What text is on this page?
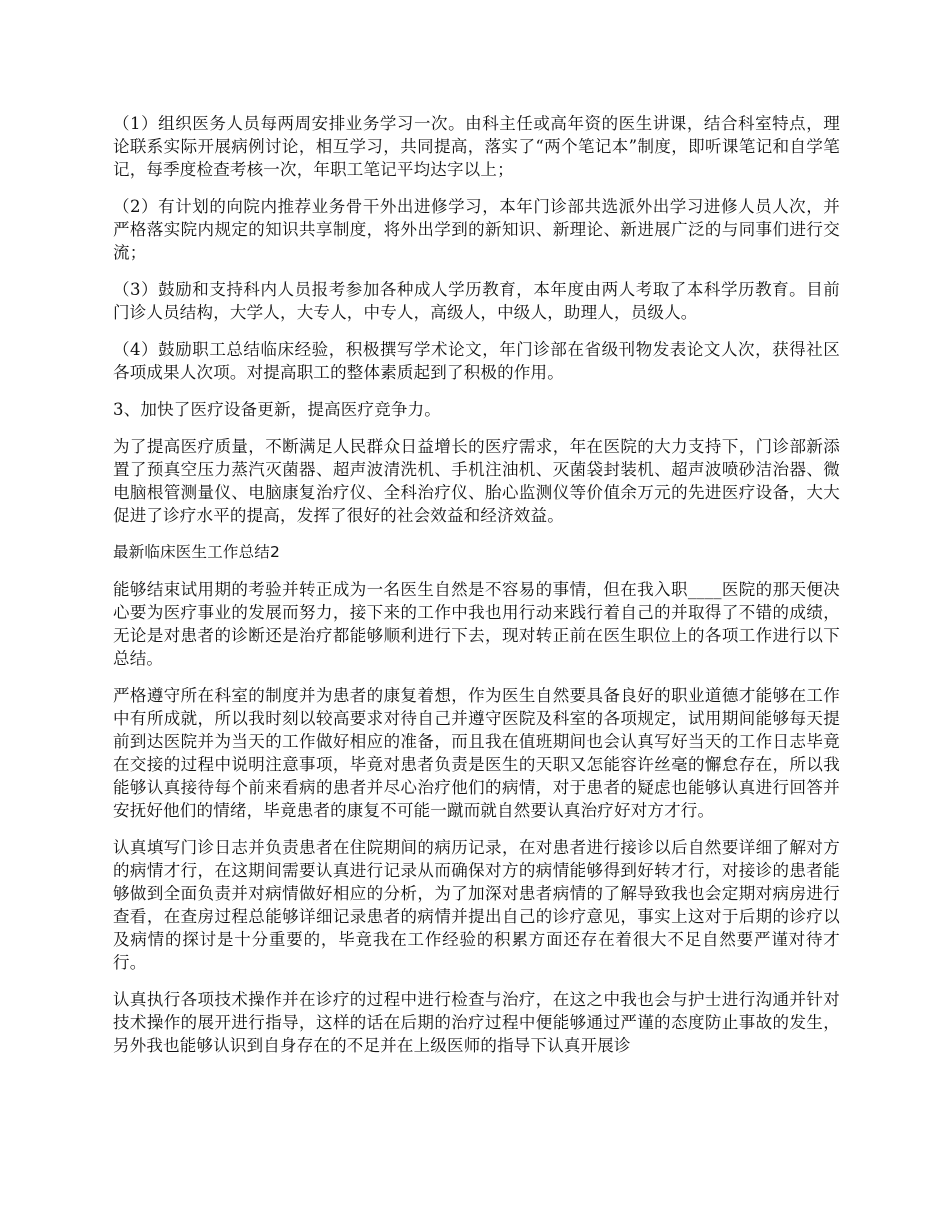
（1）组织医务人员每两周安排业务学习一次。由科主任或高年资的医生讲课，结合科室特点，理论联系实际开展病例讨论，相互学习，共同提高，落实了“两个笔记本”制度，即听课笔记和自学笔记，每季度检查考核一次，年职工笔记平均达字以上；

（2）有计划的向院内推荐业务骨干外出进修学习，本年门诊部共选派外出学习进修人员人次，并严格落实院内规定的知识共享制度，将外出学到的新知识、新理论、新进展广泛的与同事们进行交流；

（3）鼓励和支持科内人员报考参加各种成人学历教育，本年度由两人考取了本科学历教育。目前门诊人员结构，大学人，大专人，中专人，高级人，中级人，助理人，员级人。

（4）鼓励职工总结临床经验，积极撰写学术论文，年门诊部在省级刊物发表论文人次，获得社区各项成果人次项。对提高职工的整体素质起到了积极的作用。

3、加快了医疗设备更新，提高医疗竞争力。

为了提高医疗质量，不断满足人民群众日益增长的医疗需求，年在医院的大力支持下，门诊部新添置了预真空压力蒸汽灭菌器、超声波清洗机、手机注油机、灭菌袋封装机、超声波喷砂洁治器、微电脑根管测量仪、电脑康复治疗仪、全科治疗仪、胎心监测仪等价值余万元的先进医疗设备，大大促进了诊疗水平的提高，发挥了很好的社会效益和经济效益。

最新临床医生工作总结2

能够结束试用期的考验并转正成为一名医生自然是不容易的事情，但在我入职____医院的那天便决心要为医疗事业的发展而努力，接下来的工作中我也用行动来践行着自己的并取得了不错的成绩，无论是对患者的诊断还是治疗都能够顺利进行下去，现对转正前在医生职位上的各项工作进行以下总结。

严格遵守所在科室的制度并为患者的康复着想，作为医生自然要具备良好的职业道德才能够在工作中有所成就，所以我时刻以较高要求对待自己并遵守医院及科室的各项规定，试用期间能够每天提前到达医院并为当天的工作做好相应的准备，而且我在值班期间也会认真写好当天的工作日志毕竟在交接的过程中说明注意事项，毕竟对患者负责是医生的天职又怎能容许丝毫的懈怠存在，所以我能够认真接待每个前来看病的患者并尽心治疗他们的病情，对于患者的疑虑也能够认真进行回答并安抚好他们的情绪，毕竟患者的康复不可能一蹴而就自然要认真治疗好对方才行。

认真填写门诊日志并负责患者在住院期间的病历记录，在对患者进行接诊以后自然要详细了解对方的病情才行，在这期间需要认真进行记录从而确保对方的病情能够得到好转才行，对接诊的患者能够做到全面负责并对病情做好相应的分析，为了加深对患者病情的了解导致我也会定期对病房进行查看，在查房过程总能够详细记录患者的病情并提出自己的诊疗意见，事实上这对于后期的诊疗以及病情的探讨是十分重要的，毕竟我在工作经验的积累方面还存在着很大不足自然要严谨对待才行。

认真执行各项技术操作并在诊疗的过程中进行检查与治疗，在这之中我也会与护士进行沟通并针对技术操作的展开进行指导，这样的话在后期的治疗过程中便能够通过严谨的态度防止事故的发生，另外我也能够认识到自身存在的不足并在上级医师的指导下认真开展诊
